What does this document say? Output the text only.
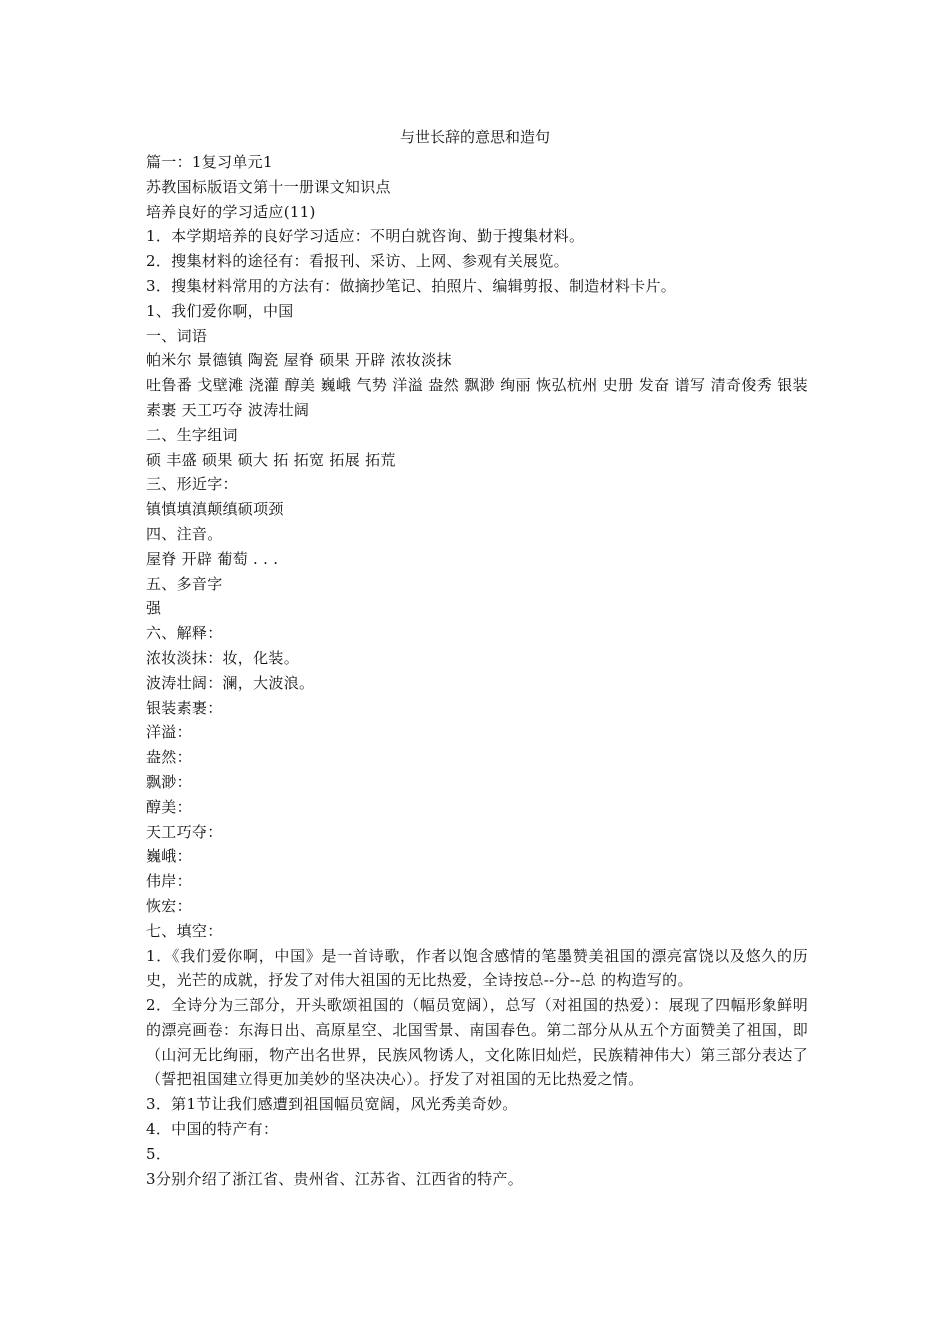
与世长辞的意思和造句
篇一：1复习单元1
苏教国标版语文第十一册课文知识点
培养良好的学习适应(11)
1．本学期培养的良好学习适应：不明白就咨询、勤于搜集材料。
2．搜集材料的途径有：看报刊、采访、上网、参观有关展览。
3．搜集材料常用的方法有：做摘抄笔记、拍照片、编辑剪报、制造材料卡片。
1、我们爱你啊，中国
一、词语
帕米尔 景德镇 陶瓷 屋脊 硕果 开辟 浓妆淡抹
吐鲁番 戈壁滩 浇灌 醇美 巍峨 气势 洋溢 盎然 飘渺 绚丽 恢弘杭州 史册 发奋 谱写 清奇俊秀 银装素裹 天工巧夺 波涛壮阔
二、生字组词
硕 丰盛 硕果 硕大 拓 拓宽 拓展 拓荒
三、形近字：
镇慎填滇颠缜硕项颈
四、注音。
屋脊 开辟 葡萄 . . .
五、多音字
强
六、解释：
浓妆淡抹：妆，化装。
波涛壮阔：澜，大波浪。
银装素裹：
洋溢：
盎然：
飘渺：
醇美：
天工巧夺：
巍峨：
伟岸：
恢宏：
七、填空：
1．《我们爱你啊，中国》是一首诗歌，作者以饱含感情的笔墨赞美祖国的漂亮富饶以及悠久的历史，光芒的成就，抒发了对伟大祖国的无比热爱，全诗按总--分--总 的构造写的。
2．全诗分为三部分，开头歌颂祖国的（幅员宽阔），总写（对祖国的热爱）：展现了四幅形象鲜明的漂亮画卷：东海日出、高原星空、北国雪景、南国春色。第二部分从从五个方面赞美了祖国，即（山河无比绚丽，物产出名世界，民族风物诱人，文化陈旧灿烂，民族精神伟大）第三部分表达了（誓把祖国建立得更加美妙的坚决决心）。抒发了对祖国的无比热爱之情。
3．第1节让我们感遭到祖国幅员宽阔，风光秀美奇妙。
4．中国的特产有：
5．
3分别介绍了浙江省、贵州省、江苏省、江西省的特产。
